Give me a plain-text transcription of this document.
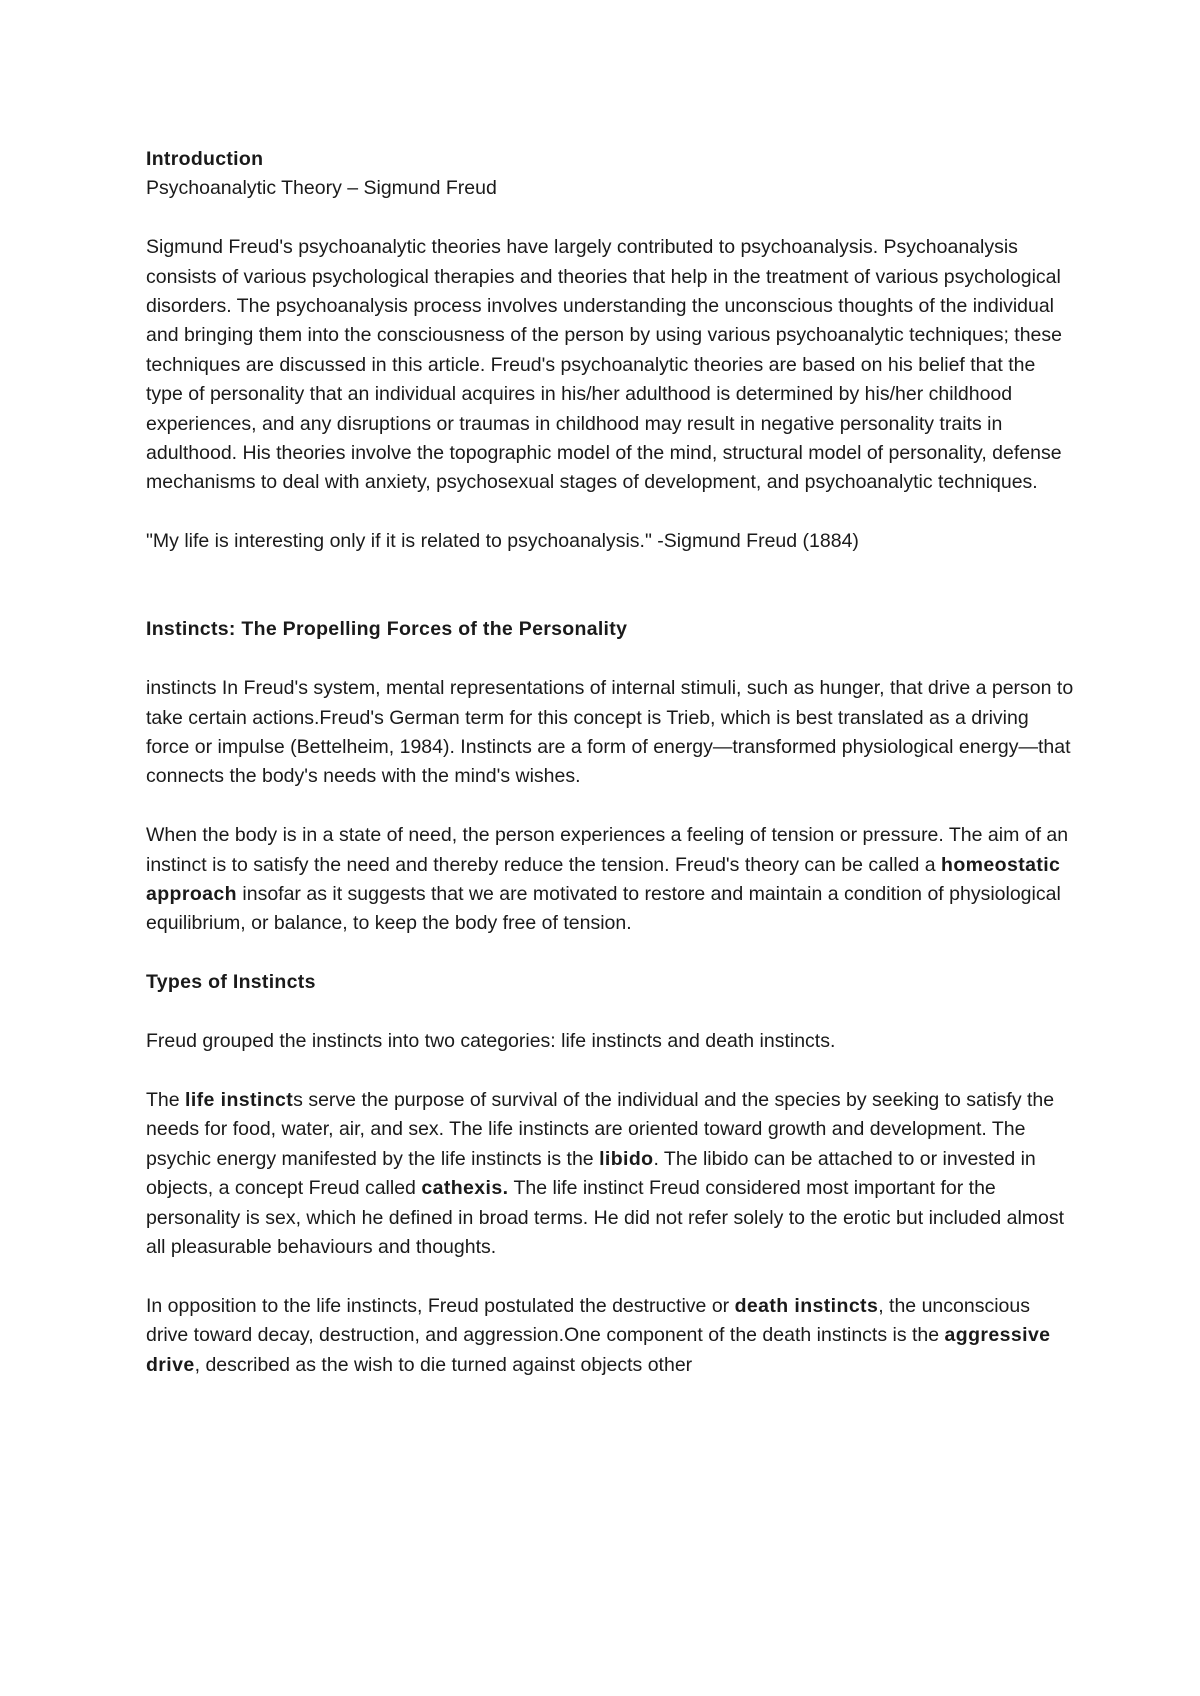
Introduction

Psychoanalytic Theory – Sigmund Freud

Sigmund Freud's psychoanalytic theories have largely contributed to psychoanalysis. Psychoanalysis consists of various psychological therapies and theories that help in the treatment of various psychological disorders. The psychoanalysis process involves understanding the unconscious thoughts of the individual and bringing them into the consciousness of the person by using various psychoanalytic techniques; these techniques are discussed in this article. Freud's psychoanalytic theories are based on his belief that the type of personality that an individual acquires in his/her adulthood is determined by his/her childhood experiences, and any disruptions or traumas in childhood may result in negative personality traits in adulthood. His theories involve the topographic model of the mind, structural model of personality, defense mechanisms to deal with anxiety, psychosexual stages of development, and psychoanalytic techniques.

"My life is interesting only if it is related to psychoanalysis." -Sigmund Freud (1884)

Instincts: The Propelling Forces of the Personality

instincts In Freud's system, mental representations of internal stimuli, such as hunger, that drive a person to take certain actions.Freud's German term for this concept is Trieb, which is best translated as a driving force or impulse (Bettelheim, 1984). Instincts are a form of energy—transformed physiological energy—that connects the body's needs with the mind's wishes.

When the body is in a state of need, the person experiences a feeling of tension or pressure. The aim of an instinct is to satisfy the need and thereby reduce the tension. Freud's theory can be called a homeostatic approach insofar as it suggests that we are motivated to restore and maintain a condition of physiological equilibrium, or balance, to keep the body free of tension.

Types of Instincts

Freud grouped the instincts into two categories: life instincts and death instincts.

The life instincts serve the purpose of survival of the individual and the species by seeking to satisfy the needs for food, water, air, and sex. The life instincts are oriented toward growth and development. The psychic energy manifested by the life instincts is the libido. The libido can be attached to or invested in objects, a concept Freud called cathexis. The life instinct Freud considered most important for the personality is sex, which he defined in broad terms. He did not refer solely to the erotic but included almost all pleasurable behaviours and thoughts.

In opposition to the life instincts, Freud postulated the destructive or death instincts, the unconscious drive toward decay, destruction, and aggression.One component of the death instincts is the aggressive drive, described as the wish to die turned against objects other
